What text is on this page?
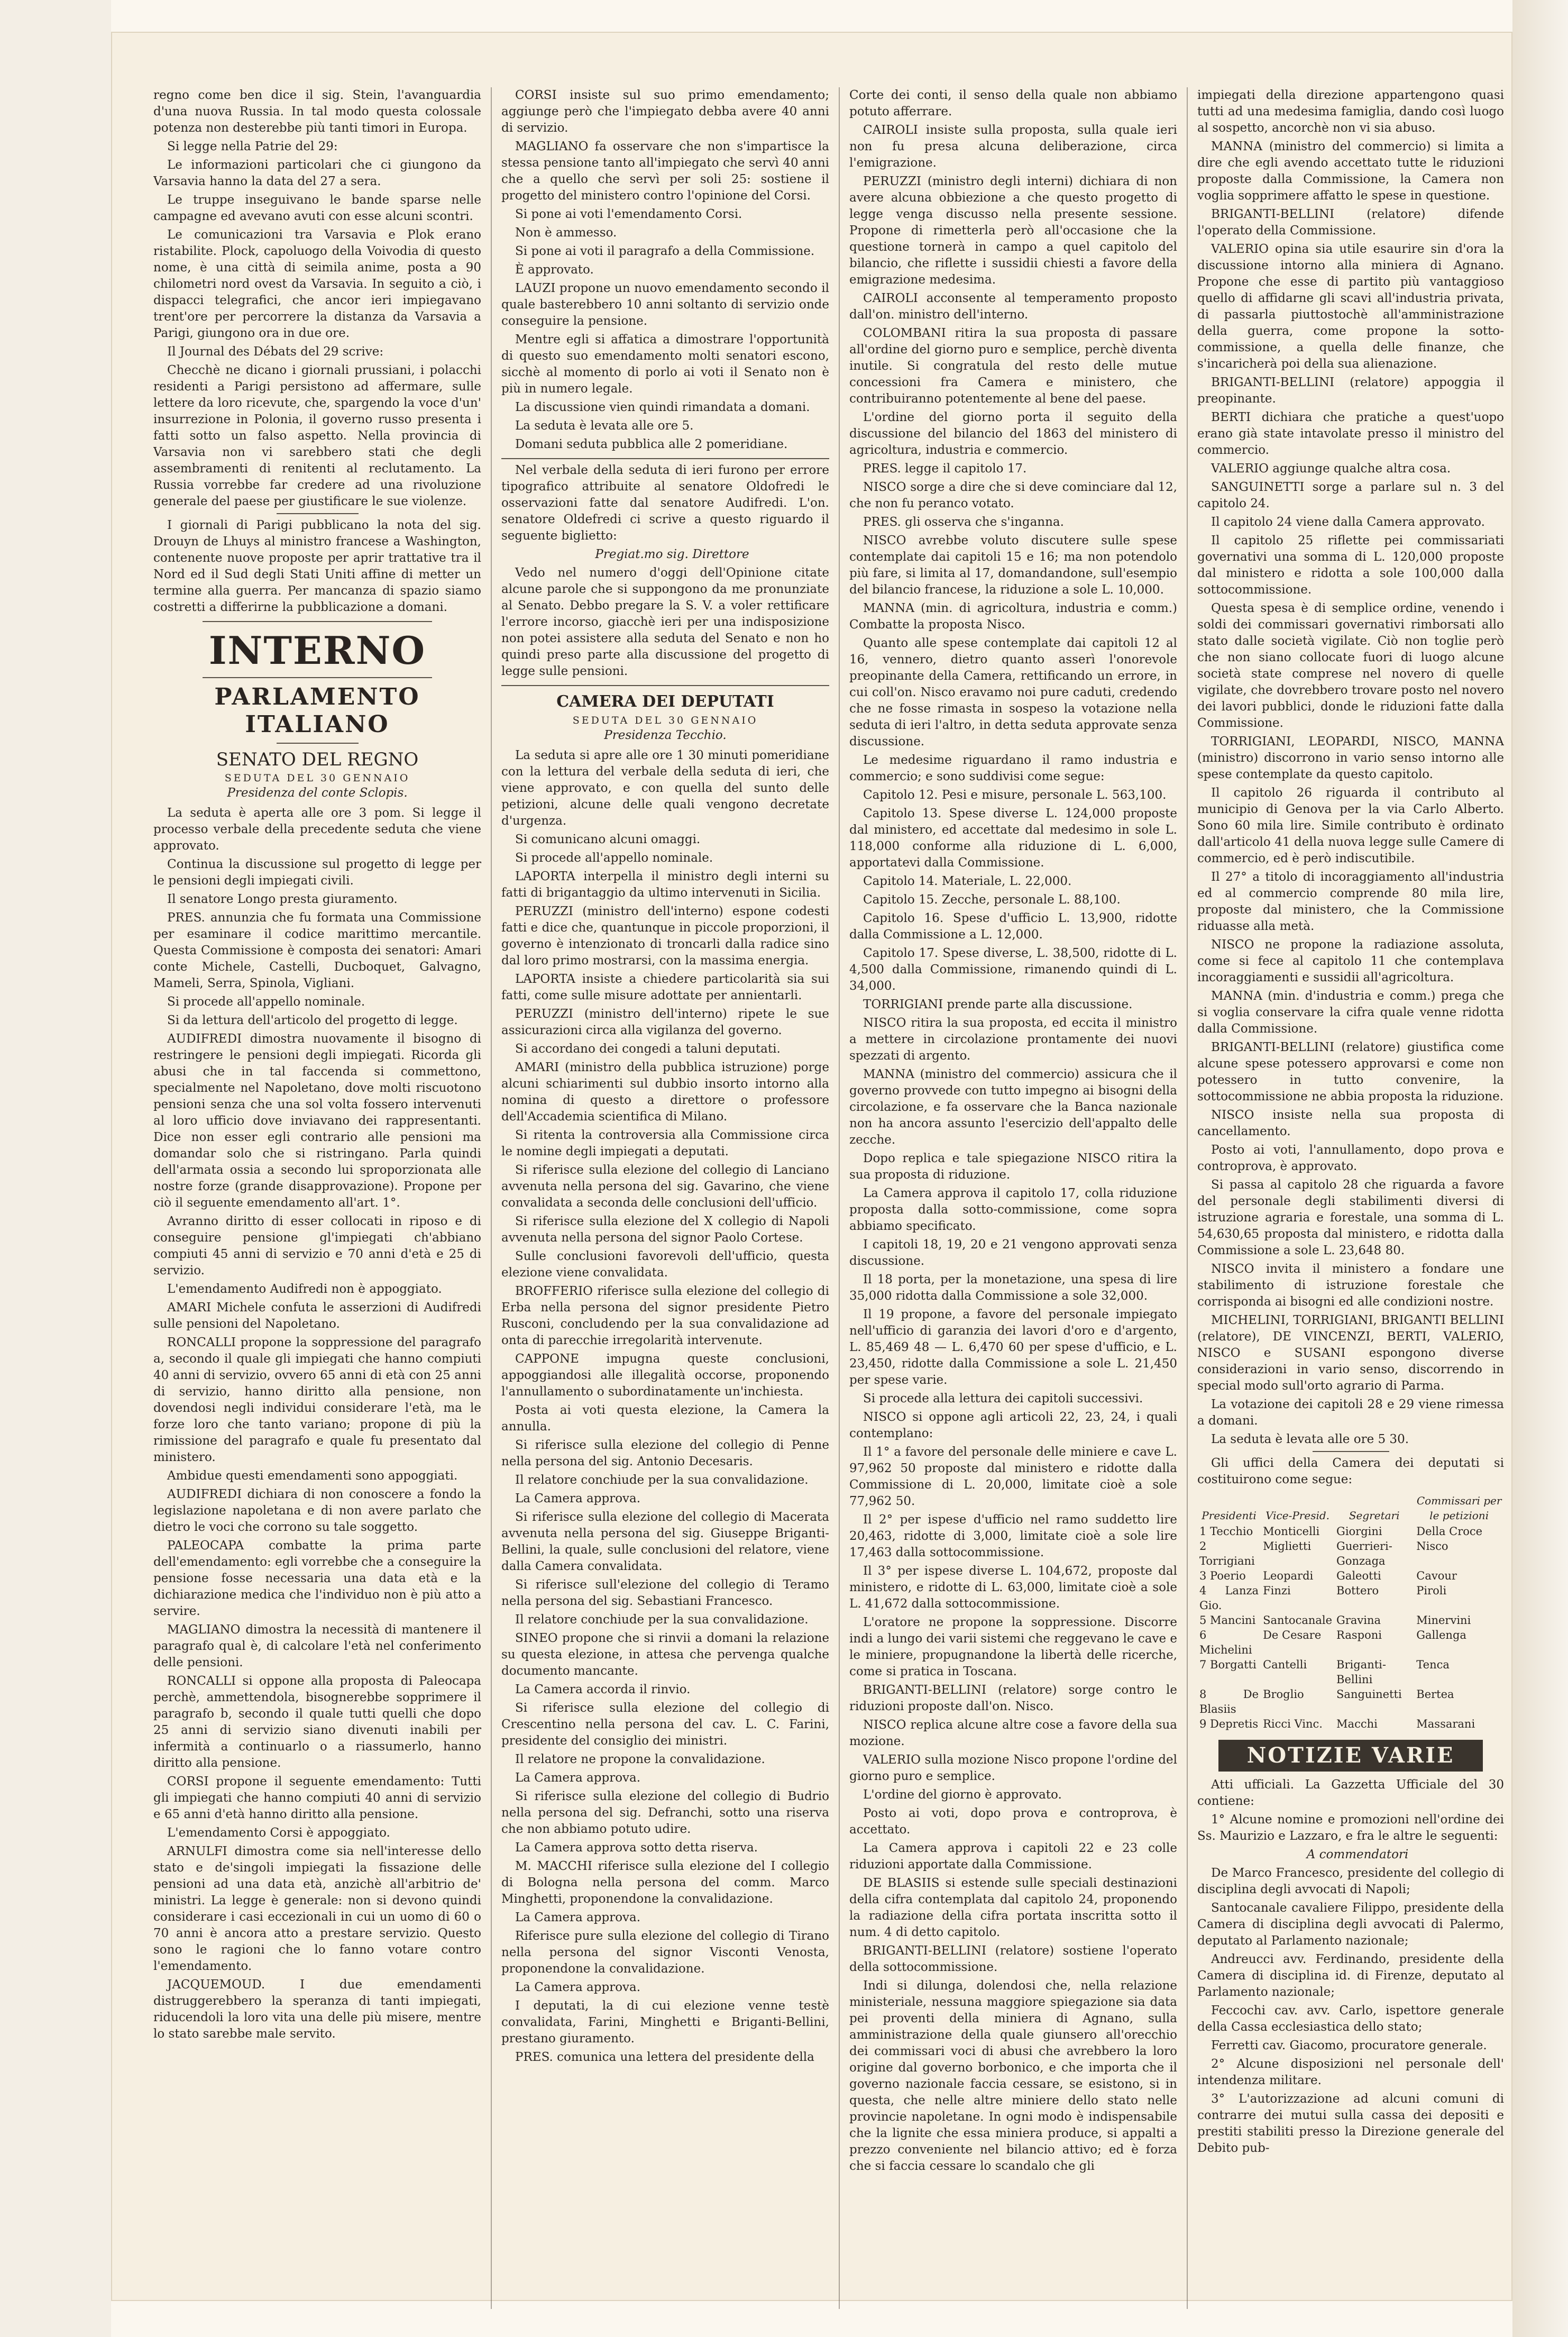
regno come ben dice il sig. Stein, l'avanguardia d'una nuova Russia. In tal modo questa colossale potenza non desterebbe più tanti timori in Europa.

Si legge nella Patrie del 29:

Le informazioni particolari che ci giungono da Varsavia hanno la data del 27 a sera.

Le truppe inseguivano le bande sparse nelle campagne ed avevano avuti con esse alcuni scontri.

Le comunicazioni tra Varsavia e Plok erano ristabilite. Plock, capoluogo della Voivodia di questo nome, è una città di seimila anime, posta a 90 chilometri nord ovest da Varsavia. In seguito a ciò, i dispacci telegrafici, che ancor ieri impiegavano trent'ore per percorrere la distanza da Varsavia a Parigi, giungono ora in due ore.

Il Journal des Débats del 29 scrive:

Checchè ne dicano i giornali prussiani, i polacchi residenti a Parigi persistono ad affermare, sulle lettere da loro ricevute, che, spargendo la voce d'un' insurrezione in Polonia, il governo russo presenta i fatti sotto un falso aspetto. Nella provincia di Varsavia non vi sarebbero stati che degli assembramenti di renitenti al reclutamento. La Russia vorrebbe far credere ad una rivoluzione generale del paese per giustificare le sue violenze.

I giornali di Parigi pubblicano la nota del sig. Drouyn de Lhuys al ministro francese a Washington, contenente nuove proposte per aprir trattative tra il Nord ed il Sud degli Stati Uniti affine di metter un termine alla guerra. Per mancanza di spazio siamo costretti a differirne la pubblicazione a domani.

INTERNO
PARLAMENTO ITALIANO
SENATO DEL REGNO
SEDUTA DEL 30 GENNAIO
Presidenza del conte Sclopis.

La seduta è aperta alle ore 3 pom. Si legge il processo verbale della precedente seduta che viene approvato.

Continua la discussione sul progetto di legge per le pensioni degli impiegati civili.

Il senatore Longo presta giuramento.

PRES. annunzia che fu formata una Commissione per esaminare il codice marittimo mercantile. Questa Commissione è composta dei senatori: Amari conte Michele, Castelli, Ducboquet, Galvagno, Mameli, Serra, Spinola, Vigliani.

Si procede all'appello nominale.

Si da lettura dell'articolo del progetto di legge.

AUDIFREDI dimostra nuovamente il bisogno di restringere le pensioni degli impiegati. Ricorda gli abusi che in tal faccenda si commettono, specialmente nel Napoletano, dove molti riscuotono pensioni senza che una sol volta fossero intervenuti al loro ufficio dove inviavano dei rappresentanti. Dice non esser egli contrario alle pensioni ma domandar solo che si ristringano. Parla quindi dell'armata ossia a secondo lui sproporzionata alle nostre forze (grande disapprovazione). Propone per ciò il seguente emendamento all'art. 1°.

Avranno diritto di esser collocati in riposo e di conseguire pensione gl'impiegati ch'abbiano compiuti 45 anni di servizio e 70 anni d'età e 25 di servizio.

L'emendamento Audifredi non è appoggiato.

AMARI Michele confuta le asserzioni di Audifredi sulle pensioni del Napoletano.

RONCALLI propone la soppressione del paragrafo a, secondo il quale gli impiegati che hanno compiuti 40 anni di servizio, ovvero 65 anni di età con 25 anni di servizio, hanno diritto alla pensione, non dovendosi negli individui considerare l'età, ma le forze loro che tanto variano; propone di più la rimissione del paragrafo e quale fu presentato dal ministero.

Ambidue questi emendamenti sono appoggiati.

AUDIFREDI dichiara di non conoscere a fondo la legislazione napoletana e di non avere parlato che dietro le voci che corrono su tale soggetto.

PALEOCAPA combatte la prima parte dell'emendamento: egli vorrebbe che a conseguire la pensione fosse necessaria una data età e la dichiarazione medica che l'individuo non è più atto a servire.

MAGLIANO dimostra la necessità di mantenere il paragrafo qual è, di calcolare l'età nel conferimento delle pensioni.

RONCALLI si oppone alla proposta di Paleocapa perchè, ammettendola, bisognerebbe sopprimere il paragrafo b, secondo il quale tutti quelli che dopo 25 anni di servizio siano divenuti inabili per infermità a continuarlo o a riassumerlo, hanno diritto alla pensione.

CORSI propone il seguente emendamento: Tutti gli impiegati che hanno compiuti 40 anni di servizio e 65 anni d'età hanno diritto alla pensione.

L'emendamento Corsi è appoggiato.

ARNULFI dimostra come sia nell'interesse dello stato e de'singoli impiegati la fissazione delle pensioni ad una data età, anzichè all'arbitrio de' ministri. La legge è generale: non si devono quindi considerare i casi eccezionali in cui un uomo di 60 o 70 anni è ancora atto a prestare servizio. Questo sono le ragioni che lo fanno votare contro l'emendamento.

JACQUEMOUD. I due emendamenti distruggerebbero la speranza di tanti impiegati, riducendoli la loro vita una delle più misere, mentre lo stato sarebbe male servito.

CORSI insiste sul suo primo emendamento; aggiunge però che l'impiegato debba avere 40 anni di servizio.

MAGLIANO fa osservare che non s'impartisce la stessa pensione tanto all'impiegato che servì 40 anni che a quello che servì per soli 25: sostiene il progetto del ministero contro l'opinione del Corsi.

Si pone ai voti l'emendamento Corsi.

Non è ammesso.

Si pone ai voti il paragrafo a della Commissione.

È approvato.

LAUZI propone un nuovo emendamento secondo il quale basterebbero 10 anni soltanto di servizio onde conseguire la pensione.

Mentre egli si affatica a dimostrare l'opportunità di questo suo emendamento molti senatori escono, sicchè al momento di porlo ai voti il Senato non è più in numero legale.

La discussione vien quindi rimandata a domani.

La seduta è levata alle ore 5.

Domani seduta pubblica alle 2 pomeridiane.

Nel verbale della seduta di ieri furono per errore tipografico attribuite al senatore Oldofredi le osservazioni fatte dal senatore Audifredi. L'on. senatore Oldefredi ci scrive a questo riguardo il seguente biglietto:

Pregiat.mo sig. Direttore

Vedo nel numero d'oggi dell'Opinione citate alcune parole che si suppongono da me pronunziate al Senato. Debbo pregare la S. V. a voler rettificare l'errore incorso, giacchè ieri per una indisposizione non potei assistere alla seduta del Senato e non ho quindi preso parte alla discussione del progetto di legge sulle pensioni.

CAMERA DEI DEPUTATI
SEDUTA DEL 30 GENNAIO
Presidenza Tecchio.

La seduta si apre alle ore 1 30 minuti pomeridiane con la lettura del verbale della seduta di ieri, che viene approvato, e con quella del sunto delle petizioni, alcune delle quali vengono decretate d'urgenza.

Si comunicano alcuni omaggi.

Si procede all'appello nominale.

LAPORTA interpella il ministro degli interni su fatti di brigantaggio da ultimo intervenuti in Sicilia.

PERUZZI (ministro dell'interno) espone codesti fatti e dice che, quantunque in piccole proporzioni, il governo è intenzionato di troncarli dalla radice sino dal loro primo mostrarsi, con la massima energia.

LAPORTA insiste a chiedere particolarità sia sui fatti, come sulle misure adottate per annientarli.

PERUZZI (ministro dell'interno) ripete le sue assicurazioni circa alla vigilanza del governo.

Si accordano dei congedi a taluni deputati.

AMARI (ministro della pubblica istruzione) porge alcuni schiarimenti sul dubbio insorto intorno alla nomina di questo a direttore o professore dell'Accademia scientifica di Milano.

Si ritenta la controversia alla Commissione circa le nomine degli impiegati a deputati.

Si riferisce sulla elezione del collegio di Lanciano avvenuta nella persona del sig. Gavarino, che viene convalidata a seconda delle conclusioni dell'ufficio.

Si riferisce sulla elezione del X collegio di Napoli avvenuta nella persona del signor Paolo Cortese.

Sulle conclusioni favorevoli dell'ufficio, questa elezione viene convalidata.

BROFFERIO riferisce sulla elezione del collegio di Erba nella persona del signor presidente Pietro Rusconi, concludendo per la sua convalidazione ad onta di parecchie irregolarità intervenute.

CAPPONE impugna queste conclusioni, appoggiandosi alle illegalità occorse, proponendo l'annullamento o subordinatamente un'inchiesta.

Posta ai voti questa elezione, la Camera la annulla.

Si riferisce sulla elezione del collegio di Penne nella persona del sig. Antonio Decesaris.

Il relatore conchiude per la sua convalidazione.

La Camera approva.

Si riferisce sulla elezione del collegio di Macerata avvenuta nella persona del sig. Giuseppe Briganti-Bellini, la quale, sulle conclusioni del relatore, viene dalla Camera convalidata.

Si riferisce sull'elezione del collegio di Teramo nella persona del sig. Sebastiani Francesco.

Il relatore conchiude per la sua convalidazione.

SINEO propone che si rinvii a domani la relazione su questa elezione, in attesa che pervenga qualche documento mancante.

La Camera accorda il rinvio.

Si riferisce sulla elezione del collegio di Crescentino nella persona del cav. L. C. Farini, presidente del consiglio dei ministri.

Il relatore ne propone la convalidazione.

La Camera approva.

Si riferisce sulla elezione del collegio di Budrio nella persona del sig. Defranchi, sotto una riserva che non abbiamo potuto udire.

La Camera approva sotto detta riserva.

M. MACCHI riferisce sulla elezione del I collegio di Bologna nella persona del comm. Marco Minghetti, proponendone la convalidazione.

La Camera approva.

Riferisce pure sulla elezione del collegio di Tirano nella persona del signor Visconti Venosta, proponendone la convalidazione.

La Camera approva.

I deputati, la di cui elezione venne testè convalidata, Farini, Minghetti e Briganti-Bellini, prestano giuramento.

PRES. comunica una lettera del presidente della

Corte dei conti, il senso della quale non abbiamo potuto afferrare.

CAIROLI insiste sulla proposta, sulla quale ieri non fu presa alcuna deliberazione, circa l'emigrazione.

PERUZZI (ministro degli interni) dichiara di non avere alcuna obbiezione a che questo progetto di legge venga discusso nella presente sessione. Propone di rimetterla però all'occasione che la questione tornerà in campo a quel capitolo del bilancio, che riflette i sussidii chiesti a favore della emigrazione medesima.

CAIROLI acconsente al temperamento proposto dall'on. ministro dell'interno.

COLOMBANI ritira la sua proposta di passare all'ordine del giorno puro e semplice, perchè diventa inutile. Si congratula del resto delle mutue concessioni fra Camera e ministero, che contribuiranno potentemente al bene del paese.

L'ordine del giorno porta il seguito della discussione del bilancio del 1863 del ministero di agricoltura, industria e commercio.

PRES. legge il capitolo 17.

NISCO sorge a dire che si deve cominciare dal 12, che non fu peranco votato.

PRES. gli osserva che s'inganna.

NISCO avrebbe voluto discutere sulle spese contemplate dai capitoli 15 e 16; ma non potendolo più fare, si limita al 17, domandandone, sull'esempio del bilancio francese, la riduzione a sole L. 10,000.

MANNA (min. di agricoltura, industria e comm.) Combatte la proposta Nisco.

Quanto alle spese contemplate dai capitoli 12 al 16, vennero, dietro quanto asserì l'onorevole preopinante della Camera, rettificando un errore, in cui coll'on. Nisco eravamo noi pure caduti, credendo che ne fosse rimasta in sospeso la votazione nella seduta di ieri l'altro, in detta seduta approvate senza discussione.

Le medesime riguardano il ramo industria e commercio; e sono suddivisi come segue:

Capitolo 12. Pesi e misure, personale L. 563,100.

Capitolo 13. Spese diverse L. 124,000 proposte dal ministero, ed accettate dal medesimo in sole L. 118,000 conforme alla riduzione di L. 6,000, apportatevi dalla Commissione.

Capitolo 14. Materiale, L. 22,000.

Capitolo 15. Zecche, personale L. 88,100.

Capitolo 16. Spese d'ufficio L. 13,900, ridotte dalla Commissione a L. 12,000.

Capitolo 17. Spese diverse, L. 38,500, ridotte di L. 4,500 dalla Commissione, rimanendo quindi di L. 34,000.

TORRIGIANI prende parte alla discussione.

NISCO ritira la sua proposta, ed eccita il ministro a mettere in circolazione prontamente dei nuovi spezzati di argento.

MANNA (ministro del commercio) assicura che il governo provvede con tutto impegno ai bisogni della circolazione, e fa osservare che la Banca nazionale non ha ancora assunto l'esercizio dell'appalto delle zecche.

Dopo replica e tale spiegazione NISCO ritira la sua proposta di riduzione.

La Camera approva il capitolo 17, colla riduzione proposta dalla sotto-commissione, come sopra abbiamo specificato.

I capitoli 18, 19, 20 e 21 vengono approvati senza discussione.

Il 18 porta, per la monetazione, una spesa di lire 35,000 ridotta dalla Commissione a sole 32,000.

Il 19 propone, a favore del personale impiegato nell'ufficio di garanzia dei lavori d'oro e d'argento, L. 85,469 48 — L. 6,470 60 per spese d'ufficio, e L. 23,450, ridotte dalla Commissione a sole L. 21,450 per spese varie.

Si procede alla lettura dei capitoli successivi.

NISCO si oppone agli articoli 22, 23, 24, i quali contemplano:

Il 1° a favore del personale delle miniere e cave L. 97,962 50 proposte dal ministero e ridotte dalla Commissione di L. 20,000, limitate cioè a sole 77,962 50.

Il 2° per ispese d'ufficio nel ramo suddetto lire 20,463, ridotte di 3,000, limitate cioè a sole lire 17,463 dalla sottocommissione.

Il 3° per ispese diverse L. 104,672, proposte dal ministero, e ridotte di L. 63,000, limitate cioè a sole L. 41,672 dalla sottocommissione.

L'oratore ne propone la soppressione. Discorre indi a lungo dei varii sistemi che reggevano le cave e le miniere, propugnandone la libertà delle ricerche, come si pratica in Toscana.

BRIGANTI-BELLINI (relatore) sorge contro le riduzioni proposte dall'on. Nisco.

NISCO replica alcune altre cose a favore della sua mozione.

VALERIO sulla mozione Nisco propone l'ordine del giorno puro e semplice.

L'ordine del giorno è approvato.

Posto ai voti, dopo prova e controprova, è accettato.

La Camera approva i capitoli 22 e 23 colle riduzioni apportate dalla Commissione.

DE BLASIIS si estende sulle speciali destinazioni della cifra contemplata dal capitolo 24, proponendo la radiazione della cifra portata inscritta sotto il num. 4 di detto capitolo.

BRIGANTI-BELLINI (relatore) sostiene l'operato della sottocommissione.

Indi si dilunga, dolendosi che, nella relazione ministeriale, nessuna maggiore spiegazione sia data pei proventi della miniera di Agnano, sulla amministrazione della quale giunsero all'orecchio dei commissari voci di abusi che avrebbero la loro origine dal governo borbonico, e che importa che il governo nazionale faccia cessare, se esistono, si in questa, che nelle altre miniere dello stato nelle provincie napoletane. In ogni modo è indispensabile che la lignite che essa miniera produce, si appalti a prezzo conveniente nel bilancio attivo; ed è forza che si faccia cessare lo scandalo che gli

impiegati della direzione appartengono quasi tutti ad una medesima famiglia, dando così luogo al sospetto, ancorchè non vi sia abuso.

MANNA (ministro del commercio) si limita a dire che egli avendo accettato tutte le riduzioni proposte dalla Commissione, la Camera non voglia sopprimere affatto le spese in questione.

BRIGANTI-BELLINI (relatore) difende l'operato della Commissione.

VALERIO opina sia utile esaurire sin d'ora la discussione intorno alla miniera di Agnano. Propone che esse di partito più vantaggioso quello di affidarne gli scavi all'industria privata, di passarla piuttostochè all'amministrazione della guerra, come propone la sotto-commissione, a quella delle finanze, che s'incaricherà poi della sua alienazione.

BRIGANTI-BELLINI (relatore) appoggia il preopinante.

BERTI dichiara che pratiche a quest'uopo erano già state intavolate presso il ministro del commercio.

VALERIO aggiunge qualche altra cosa.

SANGUINETTI sorge a parlare sul n. 3 del capitolo 24.

Il capitolo 24 viene dalla Camera approvato.

Il capitolo 25 riflette pei commissariati governativi una somma di L. 120,000 proposte dal ministero e ridotta a sole 100,000 dalla sottocommissione.

Questa spesa è di semplice ordine, venendo i soldi dei commissari governativi rimborsati allo stato dalle società vigilate. Ciò non toglie però che non siano collocate fuori di luogo alcune società state comprese nel novero di quelle vigilate, che dovrebbero trovare posto nel novero dei lavori pubblici, donde le riduzioni fatte dalla Commissione.

TORRIGIANI, LEOPARDI, NISCO, MANNA (ministro) discorrono in vario senso intorno alle spese contemplate da questo capitolo.

Il capitolo 26 riguarda il contributo al municipio di Genova per la via Carlo Alberto. Sono 60 mila lire. Simile contributo è ordinato dall'articolo 41 della nuova legge sulle Camere di commercio, ed è però indiscutibile.

Il 27° a titolo di incoraggiamento all'industria ed al commercio comprende 80 mila lire, proposte dal ministero, che la Commissione riduasse alla metà.

NISCO ne propone la radiazione assoluta, come si fece al capitolo 11 che contemplava incoraggiamenti e sussidii all'agricoltura.

MANNA (min. d'industria e comm.) prega che si voglia conservare la cifra quale venne ridotta dalla Commissione.

BRIGANTI-BELLINI (relatore) giustifica come alcune spese potessero approvarsi e come non potessero in tutto convenire, la sottocommissione ne abbia proposta la riduzione.

NISCO insiste nella sua proposta di cancellamento.

Posto ai voti, l'annullamento, dopo prova e controprova, è approvato.

Si passa al capitolo 28 che riguarda a favore del personale degli stabilimenti diversi di istruzione agraria e forestale, una somma di L. 54,630,65 proposta dal ministero, e ridotta dalla Commissione a sole L. 23,648 80.

NISCO invita il ministero a fondare une stabilimento di istruzione forestale che corrisponda ai bisogni ed alle condizioni nostre.

MICHELINI, TORRIGIANI, BRIGANTI BELLINI (relatore), DE VINCENZI, BERTI, VALERIO, NISCO e SUSANI espongono diverse considerazioni in vario senso, discorrendo in special modo sull'orto agrario di Parma.

La votazione dei capitoli 28 e 29 viene rimessa a domani.

La seduta è levata alle ore 5 30.

Gli uffici della Camera dei deputati si costituirono come segue:

Presidenti	Vice-Presid.	Segretari	Commissari per le petizioni
1 Tecchio	Monticelli	Giorgini	Della Croce
2 Torrigiani	Miglietti	Guerrieri-Gonzaga	Nisco
3 Poerio	Leopardi	Galeotti	Cavour
4 Lanza Gio.	Finzi	Bottero	Piroli
5 Mancini	Santocanale	Gravina	Minervini
6 Michelini	De Cesare	Rasponi	Gallenga
7 Borgatti	Cantelli	Briganti-Bellini	Tenca
8 De Blasiis	Broglio	Sanguinetti	Bertea
9 Depretis	Ricci Vinc.	Macchi	Massarani
NOTIZIE VARIE

Atti ufficiali. La Gazzetta Ufficiale del 30 contiene:

1° Alcune nomine e promozioni nell'ordine dei Ss. Maurizio e Lazzaro, e fra le altre le seguenti:

A commendatori

De Marco Francesco, presidente del collegio di disciplina degli avvocati di Napoli;

Santocanale cavaliere Filippo, presidente della Camera di disciplina degli avvocati di Palermo, deputato al Parlamento nazionale;

Andreucci avv. Ferdinando, presidente della Camera di disciplina id. di Firenze, deputato al Parlamento nazionale;

Feccochi cav. avv. Carlo, ispettore generale della Cassa ecclesiastica dello stato;

Ferretti cav. Giacomo, procuratore generale.

2° Alcune disposizioni nel personale dell' intendenza militare.

3° L'autorizzazione ad alcuni comuni di contrarre dei mutui sulla cassa dei depositi e prestiti stabiliti presso la Direzione generale del Debito pub-
